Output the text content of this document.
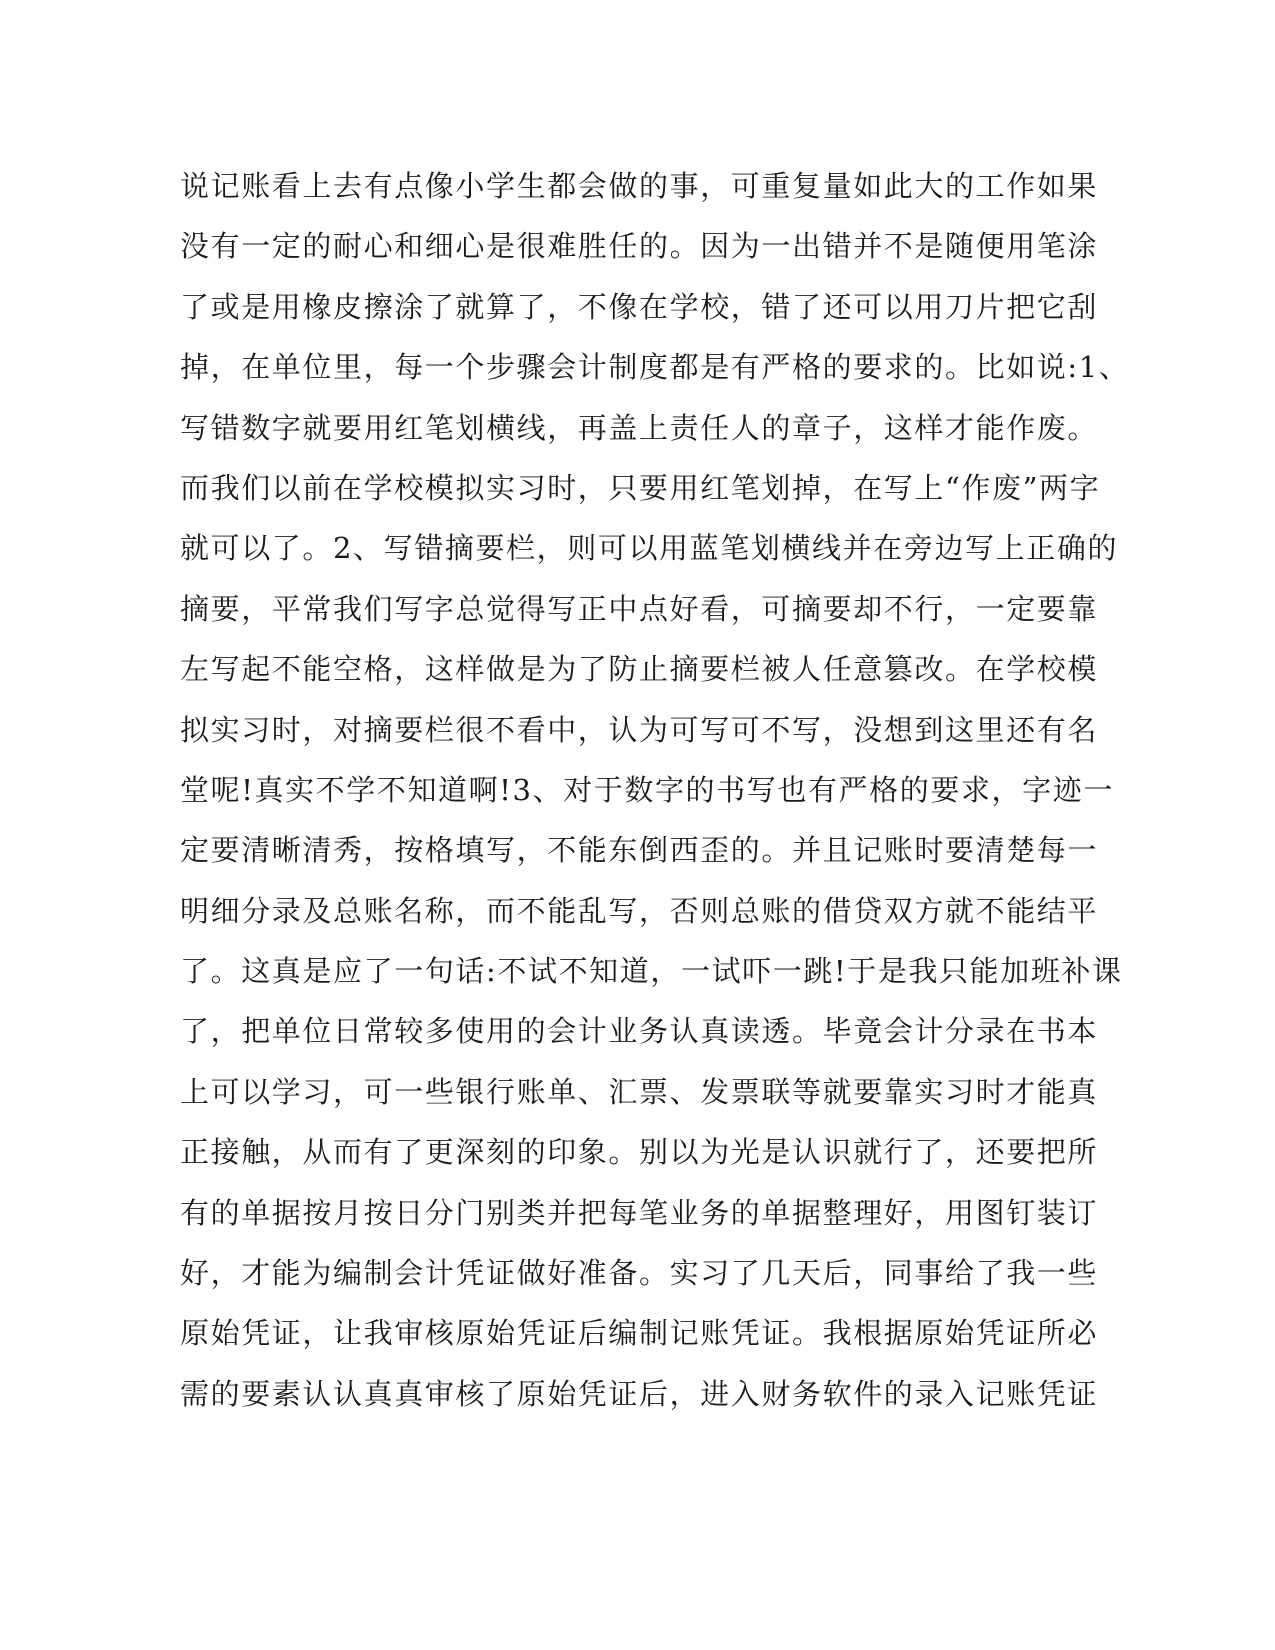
说记账看上去有点像小学生都会做的事，可重复量如此大的工作如果
没有一定的耐心和细心是很难胜任的。因为一出错并不是随便用笔涂
了或是用橡皮擦涂了就算了，不像在学校，错了还可以用刀片把它刮
掉，在单位里，每一个步骤会计制度都是有严格的要求的。比如说:1、
写错数字就要用红笔划横线，再盖上责任人的章子，这样才能作废。
而我们以前在学校模拟实习时，只要用红笔划掉，在写上“作废”两字
就可以了。2、写错摘要栏，则可以用蓝笔划横线并在旁边写上正确的
摘要，平常我们写字总觉得写正中点好看，可摘要却不行，一定要靠
左写起不能空格，这样做是为了防止摘要栏被人任意篡改。在学校模
拟实习时，对摘要栏很不看中，认为可写可不写，没想到这里还有名
堂呢!真实不学不知道啊!3、对于数字的书写也有严格的要求，字迹一
定要清晰清秀，按格填写，不能东倒西歪的。并且记账时要清楚每一
明细分录及总账名称，而不能乱写，否则总账的借贷双方就不能结平
了。这真是应了一句话:不试不知道，一试吓一跳!于是我只能加班补课
了，把单位日常较多使用的会计业务认真读透。毕竟会计分录在书本
上可以学习，可一些银行账单、汇票、发票联等就要靠实习时才能真
正接触，从而有了更深刻的印象。别以为光是认识就行了，还要把所
有的单据按月按日分门别类并把每笔业务的单据整理好，用图钉装订
好，才能为编制会计凭证做好准备。实习了几天后，同事给了我一些
原始凭证，让我审核原始凭证后编制记账凭证。我根据原始凭证所必
需的要素认认真真审核了原始凭证后，进入财务软件的录入记账凭证
